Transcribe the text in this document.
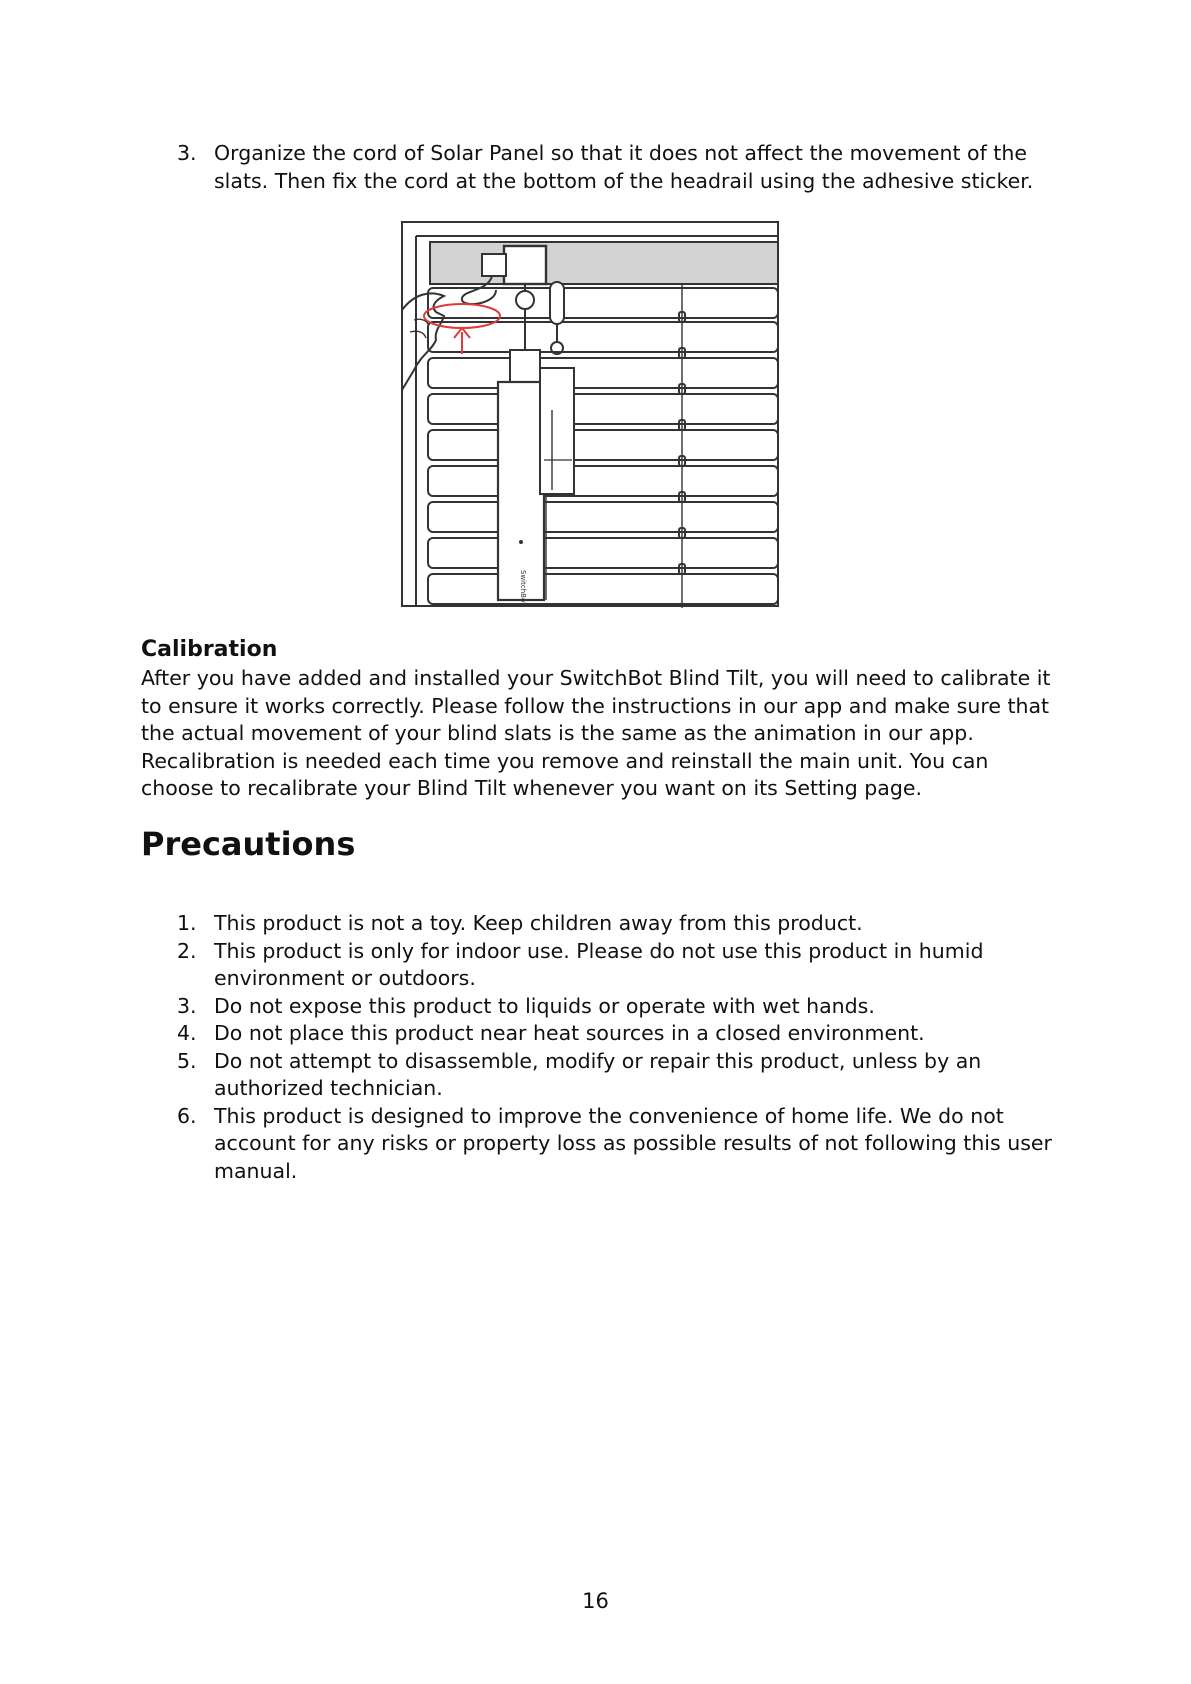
3. Organize the cord of Solar Panel so that it does not affect the movement of the slats. Then fix the cord at the bottom of the headrail using the adhesive sticker.
SwitchBot
Calibration
After you have added and installed your SwitchBot Blind Tilt, you will need to calibrate it to ensure it works correctly. Please follow the instructions in our app and make sure that the actual movement of your blind slats is the same as the animation in our app. Recalibration is needed each time you remove and reinstall the main unit. You can choose to recalibrate your Blind Tilt whenever you want on its Setting page.
Precautions
1. This product is not a toy. Keep children away from this product.
2. This product is only for indoor use. Please do not use this product in humid environment or outdoors.
3. Do not expose this product to liquids or operate with wet hands.
4. Do not place this product near heat sources in a closed environment.
5. Do not attempt to disassemble, modify or repair this product, unless by an authorized technician.
6. This product is designed to improve the convenience of home life. We do not account for any risks or property loss as possible results of not following this user manual.
16
